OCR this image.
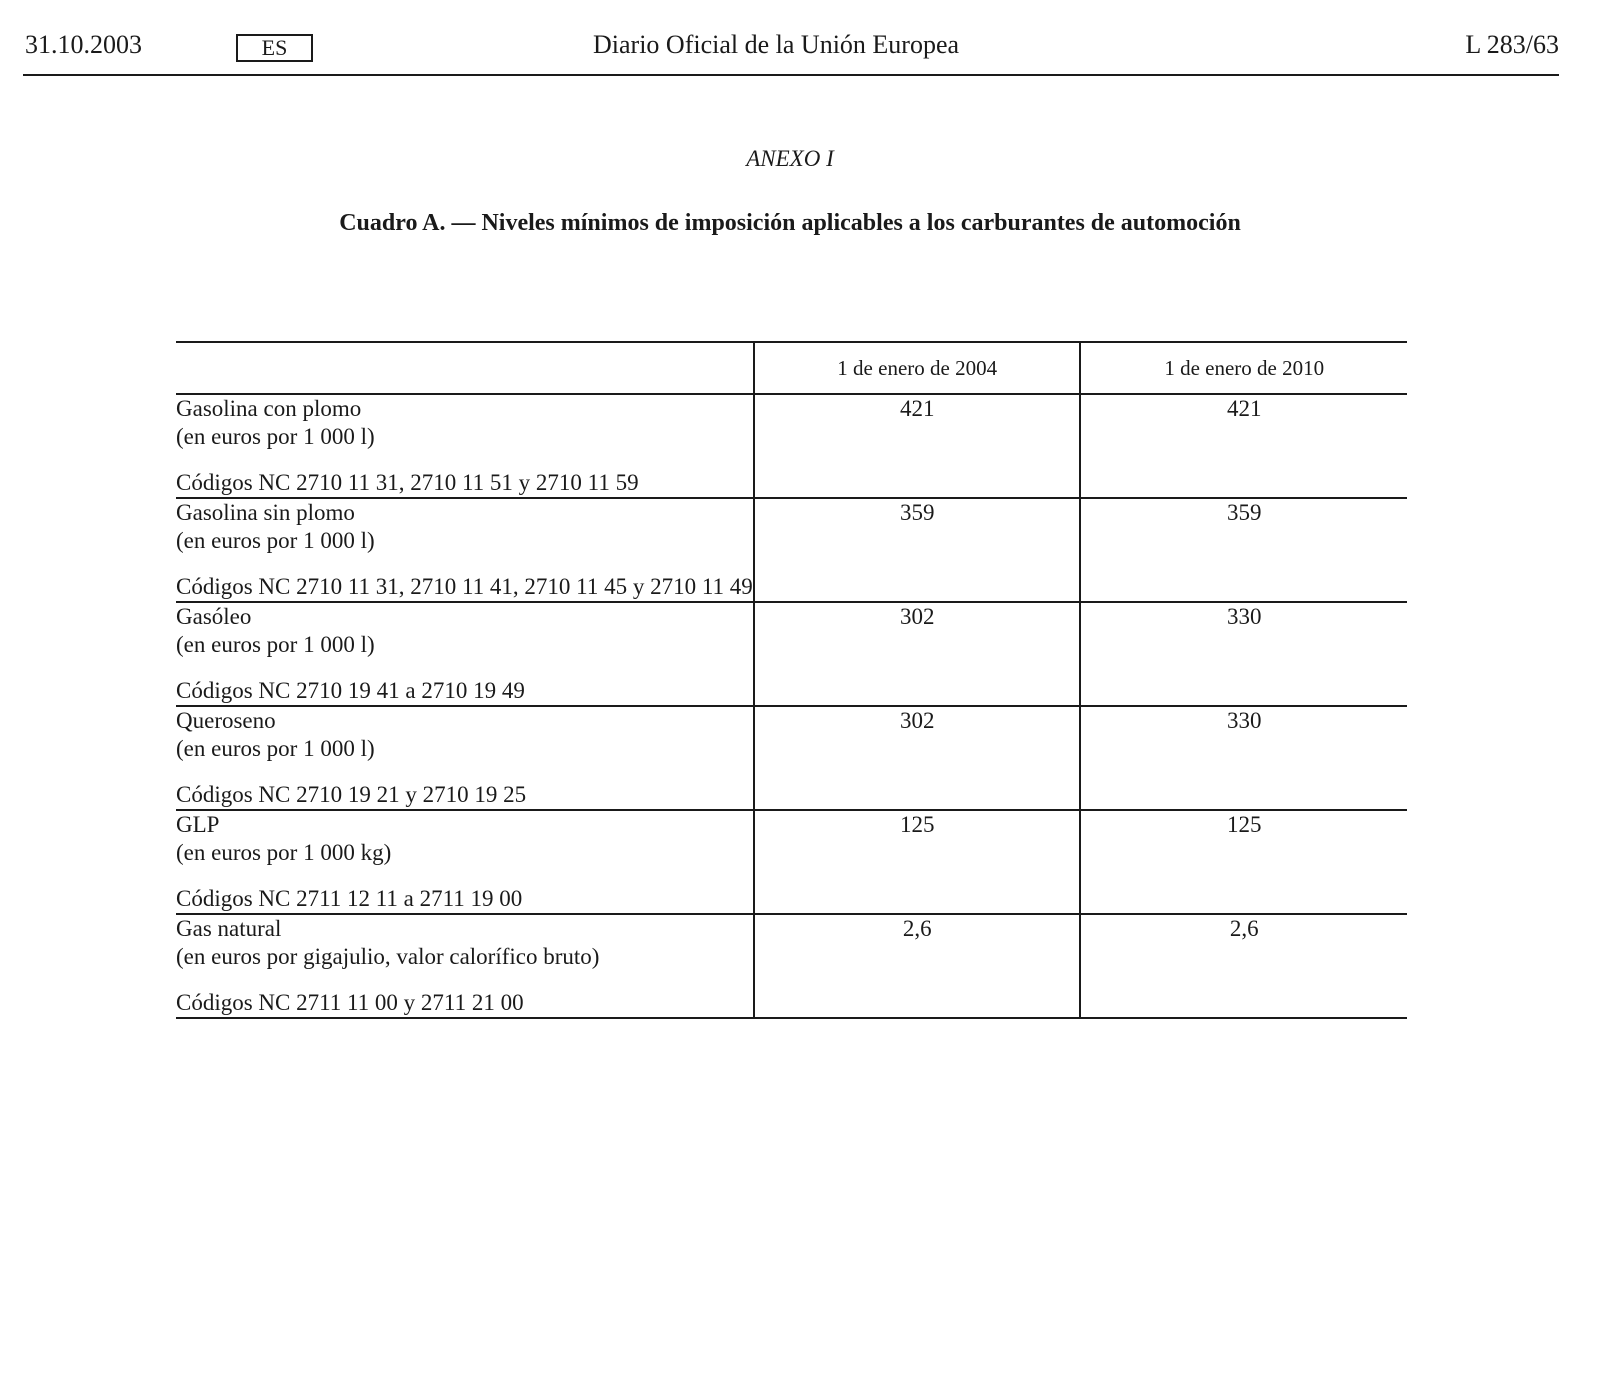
31.10.2003	ES	Diario Oficial de la Unión Europea	L 283/63
ANEXO I
Cuadro A. — Niveles mínimos de imposición aplicables a los carburantes de automoción
	1 de enero de 2004	1 de enero de 2010

Gasolina con plomo
(en euros por 1 000 l)
Códigos NC 2710 11 31, 2710 11 51 y 2710 11 59	421	421

Gasolina sin plomo
(en euros por 1 000 l)
Códigos NC 2710 11 31, 2710 11 41, 2710 11 45 y 2710 11 49	359	359

Gasóleo
(en euros por 1 000 l)
Códigos NC 2710 19 41 a 2710 19 49	302	330

Queroseno
(en euros por 1 000 l)
Códigos NC 2710 19 21 y 2710 19 25	302	330

GLP
(en euros por 1 000 kg)
Códigos NC 2711 12 11 a 2711 19 00	125	125

Gas natural
(en euros por gigajulio, valor calorífico bruto)
Códigos NC 2711 11 00 y 2711 21 00	2,6	2,6
